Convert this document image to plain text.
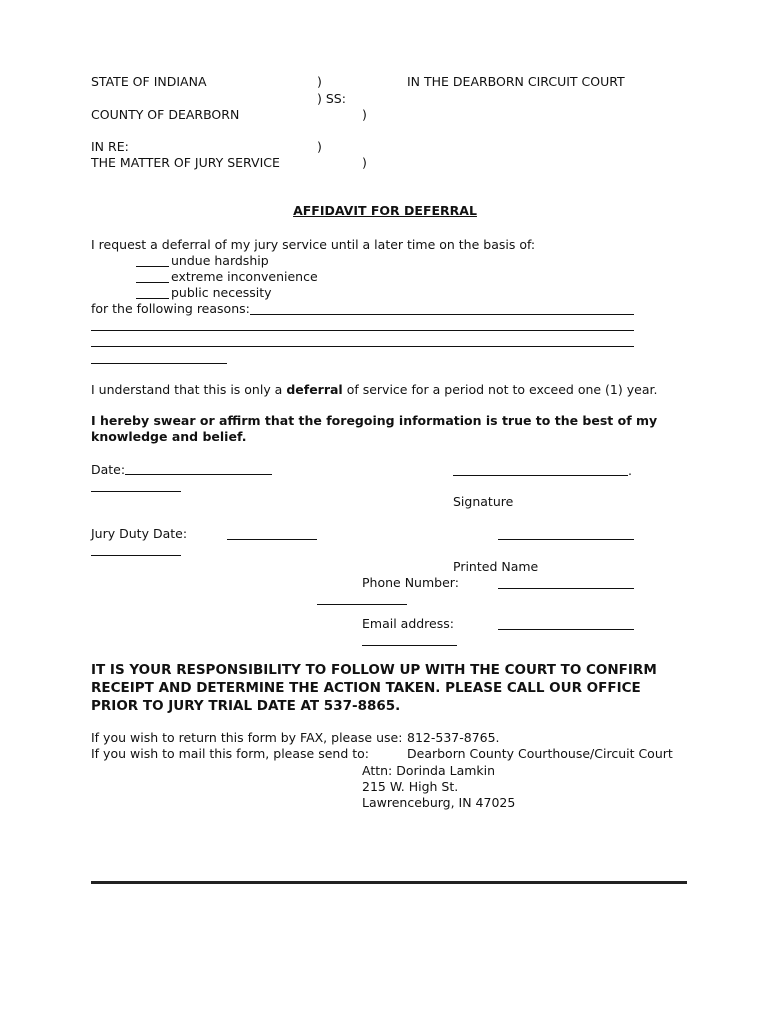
STATE OF INDIANA	)	IN THE DEARBORN CIRCUIT COURT
) SS:
COUNTY OF DEARBORN	)
IN RE:	)
THE MATTER OF JURY SERVICE	)
AFFIDAVIT FOR DEFERRAL
I request a deferral of my jury service until a later time on the basis of:
undue hardship
extreme inconvenience
public necessity
for the following reasons:
I understand that this is only a deferral of service for a period not to exceed one (1) year.
I hereby swear or affirm that the foregoing information is true to the best of my
knowledge and belief.
Date:	.
Signature
Jury Duty Date:
Printed Name
Phone Number:
Email address:
IT IS YOUR RESPONSIBILITY TO FOLLOW UP WITH THE COURT TO CONFIRM
RECEIPT AND DETERMINE THE ACTION TAKEN. PLEASE CALL OUR OFFICE
PRIOR TO JURY TRIAL DATE AT 537-8865.
If you wish to return this form by FAX, please use: 812-537-8765.
If you wish to mail this form, please send to:	Dearborn County Courthouse/Circuit Court
Attn: Dorinda Lamkin
215 W. High St.
Lawrenceburg, IN 47025
